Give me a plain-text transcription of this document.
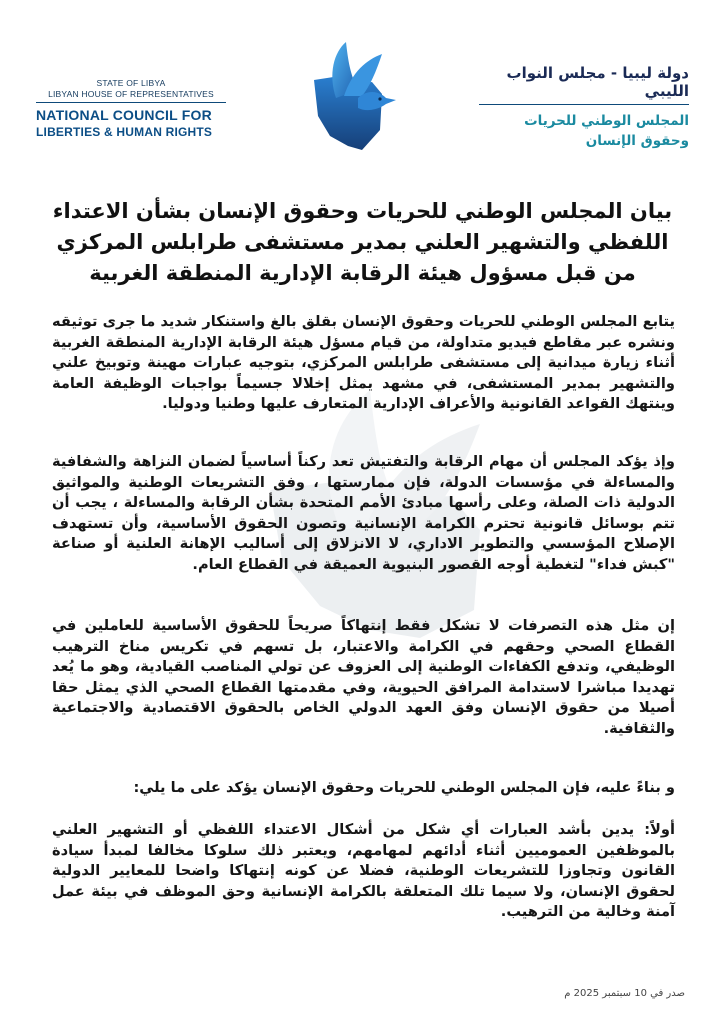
STATE OF LIBYA
LIBYAN HOUSE OF REPRESENTATIVES
NATIONAL COUNCIL FOR
LIBERTIES & HUMAN RIGHTS
دولة ليبيا - مجلس النواب الليبي
المجلس الوطني للحريات
وحقوق الإنسان
بيان المجلس الوطني للحريات وحقوق الإنسان بشأن الاعتداء اللفظي والتشهير العلني بمدير مستشفى طرابلس المركزي من قبل مسؤول هيئة الرقابة الإدارية المنطقة الغربية
يتابع المجلس الوطني للحريات وحقوق الإنسان بقلق بالغ واستنكار شديد ما جرى توثيقه ونشره عبر مقاطع فيديو متداولة، من قيام مسؤل هيئة الرقابة الإدارية المنطقة الغربية أثناء زيارة ميدانية إلى مستشفى طرابلس المركزي، بتوجيه عبارات مهينة وتوبيخ علني والتشهير بمدير المستشفى، في مشهد يمثل إخلالا جسيماً بواجبات الوظيفة العامة وينتهك القواعد القانونية والأعراف الإدارية المتعارف عليها وطنيا ودوليا.
وإذ يؤكد المجلس أن مهام الرقابة والتفتيش تعد ركناً أساسياً لضمان النزاهة والشفافية والمساءلة في مؤسسات الدولة، فإن ممارستها ، وفق التشريعات الوطنية والمواثيق الدولية ذات الصلة، وعلى رأسها مبادئ الأمم المتحدة بشأن الرقابة والمساءلة ، يجب أن تتم بوسائل قانونية تحترم الكرامة الإنسانية وتصون الحقوق الأساسية، وأن تستهدف الإصلاح المؤسسي والتطوير الاداري، لا الانزلاق إلى أساليب الإهانة العلنية أو صناعة "كبش فداء" لتغطية أوجه القصور البنيوية العميقة في القطاع العام.
إن مثل هذه التصرفات لا تشكل فقط إنتهاكاً صريحاً للحقوق الأساسية للعاملين في القطاع الصحي وحقهم في الكرامة والاعتبار، بل تسهم في تكريس مناخ الترهيب الوظيفي، وتدفع الكفاءات الوطنية إلى العزوف عن تولي المناصب القيادية، وهو ما يُعد تهديدا مباشرا لاستدامة المرافق الحيوية، وفي مقدمتها القطاع الصحي الذي يمثل حقا أصيلا من حقوق الإنسان وفق العهد الدولي الخاص بالحقوق الاقتصادية والاجتماعية والثقافية.
و بناءً عليه، فإن المجلس الوطني للحريات وحقوق الإنسان يؤكد على ما يلي:
أولاً: يدين بأشد العبارات أي شكل من أشكال الاعتداء اللفظي أو التشهير العلني بالموظفين العموميين أثناء أدائهم لمهامهم، ويعتبر ذلك سلوكا مخالفا لمبدأ سيادة القانون وتجاوزا للتشريعات الوطنية، فضلا عن كونه إنتهاكا واضحا للمعايير الدولية لحقوق الإنسان، ولا سيما تلك المتعلقة بالكرامة الإنسانية وحق الموظف في بيئة عمل آمنة وخالية من الترهيب.
صدر في 10 سبتمبر 2025 م
